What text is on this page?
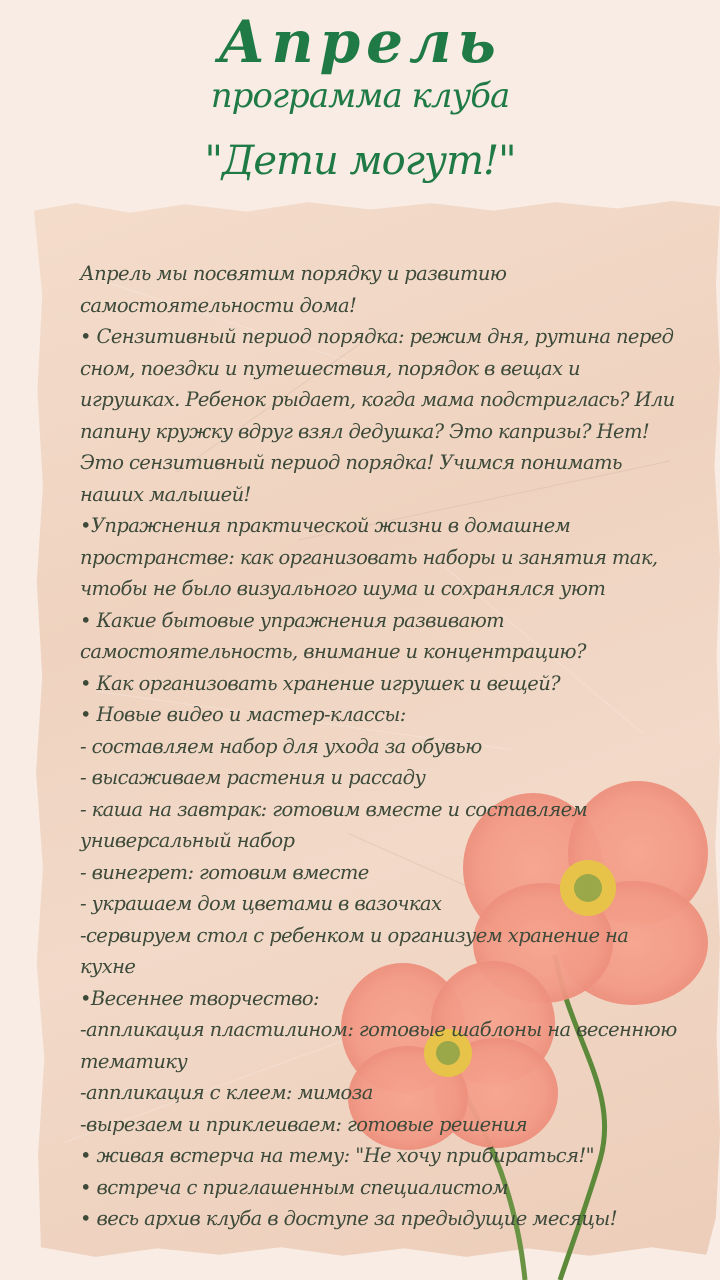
Апрель
программа клуба
"Дети могут!"
Апрель мы посвятим порядку и развитию
самостоятельности дома!
• Сензитивный период порядка: режим дня, рутина перед
сном, поездки и путешествия, порядок в вещах и
игрушках. Ребенок рыдает, когда мама подстриглась? Или
папину кружку вдруг взял дедушка? Это капризы? Нет!
Это сензитивный период порядка! Учимся понимать
наших малышей!
•Упражнения практической жизни в домашнем
пространстве: как организовать наборы и занятия так,
чтобы не было визуального шума и сохранялся уют
• Какие бытовые упражнения развивают
самостоятельность, внимание и концентрацию?
• Как организовать хранение игрушек и вещей?
• Новые видео и мастер-классы:
- составляем набор для ухода за обувью
- высаживаем растения и рассаду
- каша на завтрак: готовим вместе и составляем
универсальный набор
- винегрет: готовим вместе
- украшаем дом цветами в вазочках
-сервируем стол с ребенком и организуем хранение на
кухне
•Весеннее творчество:
-аппликация пластилином: готовые шаблоны на весеннюю
тематику
-аппликация с клеем: мимоза
-вырезаем и приклеиваем: готовые решения
• живая встерча на тему: "Не хочу прибираться!"
• встреча с приглашенным специалистом
• весь архив клуба в доступе за предыдущие месяцы!
